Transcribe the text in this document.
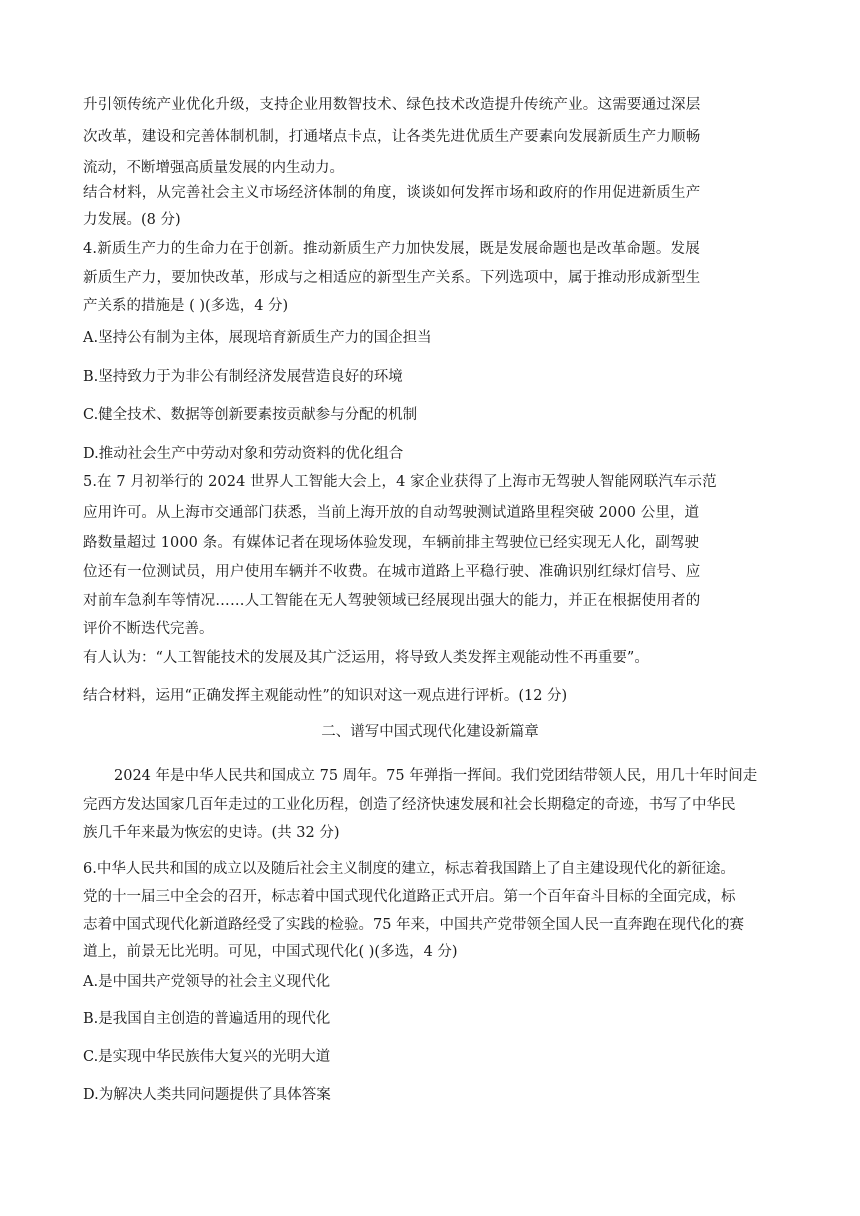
升引领传统产业优化升级，支持企业用数智技术、绿色技术改造提升传统产业。这需要通过深层
次改革，建设和完善体制机制，打通堵点卡点，让各类先进优质生产要素向发展新质生产力顺畅
流动，不断增强高质量发展的内生动力。
结合材料，从完善社会主义市场经济体制的角度，谈谈如何发挥市场和政府的作用促进新质生产
力发展。(8 分)
4.新质生产力的生命力在于创新。推动新质生产力加快发展，既是发展命题也是改革命题。发展
新质生产力，要加快改革，形成与之相适应的新型生产关系。下列选项中，属于推动形成新型生
产关系的措施是 ( )(多选，4 分)
A.坚持公有制为主体，展现培育新质生产力的国企担当
B.坚持致力于为非公有制经济发展营造良好的环境
C.健全技术、数据等创新要素按贡献参与分配的机制
D.推动社会生产中劳动对象和劳动资料的优化组合
5.在 7 月初举行的 2024 世界人工智能大会上，4 家企业获得了上海市无驾驶人智能网联汽车示范
应用许可。从上海市交通部门获悉，当前上海开放的自动驾驶测试道路里程突破 2000 公里，道
路数量超过 1000 条。有媒体记者在现场体验发现，车辆前排主驾驶位已经实现无人化，副驾驶
位还有一位测试员，用户使用车辆并不收费。在城市道路上平稳行驶、准确识别红绿灯信号、应
对前车急刹车等情况……人工智能在无人驾驶领域已经展现出强大的能力，并正在根据使用者的
评价不断迭代完善。
有人认为：“人工智能技术的发展及其广泛运用，将导致人类发挥主观能动性不再重要”。
结合材料，运用“正确发挥主观能动性”的知识对这一观点进行评析。(12 分)
二、谱写中国式现代化建设新篇章
2024 年是中华人民共和国成立 75 周年。75 年弹指一挥间。我们党团结带领人民，用几十年时间走
完西方发达国家几百年走过的工业化历程，创造了经济快速发展和社会长期稳定的奇迹，书写了中华民
族几千年来最为恢宏的史诗。(共 32 分)
6.中华人民共和国的成立以及随后社会主义制度的建立，标志着我国踏上了自主建设现代化的新征途。
党的十一届三中全会的召开，标志着中国式现代化道路正式开启。第一个百年奋斗目标的全面完成，标
志着中国式现代化新道路经受了实践的检验。75 年来，中国共产党带领全国人民一直奔跑在现代化的赛
道上，前景无比光明。可见，中国式现代化( )(多选，4 分)
A.是中国共产党领导的社会主义现代化
B.是我国自主创造的普遍适用的现代化
C.是实现中华民族伟大复兴的光明大道
D.为解决人类共同问题提供了具体答案
